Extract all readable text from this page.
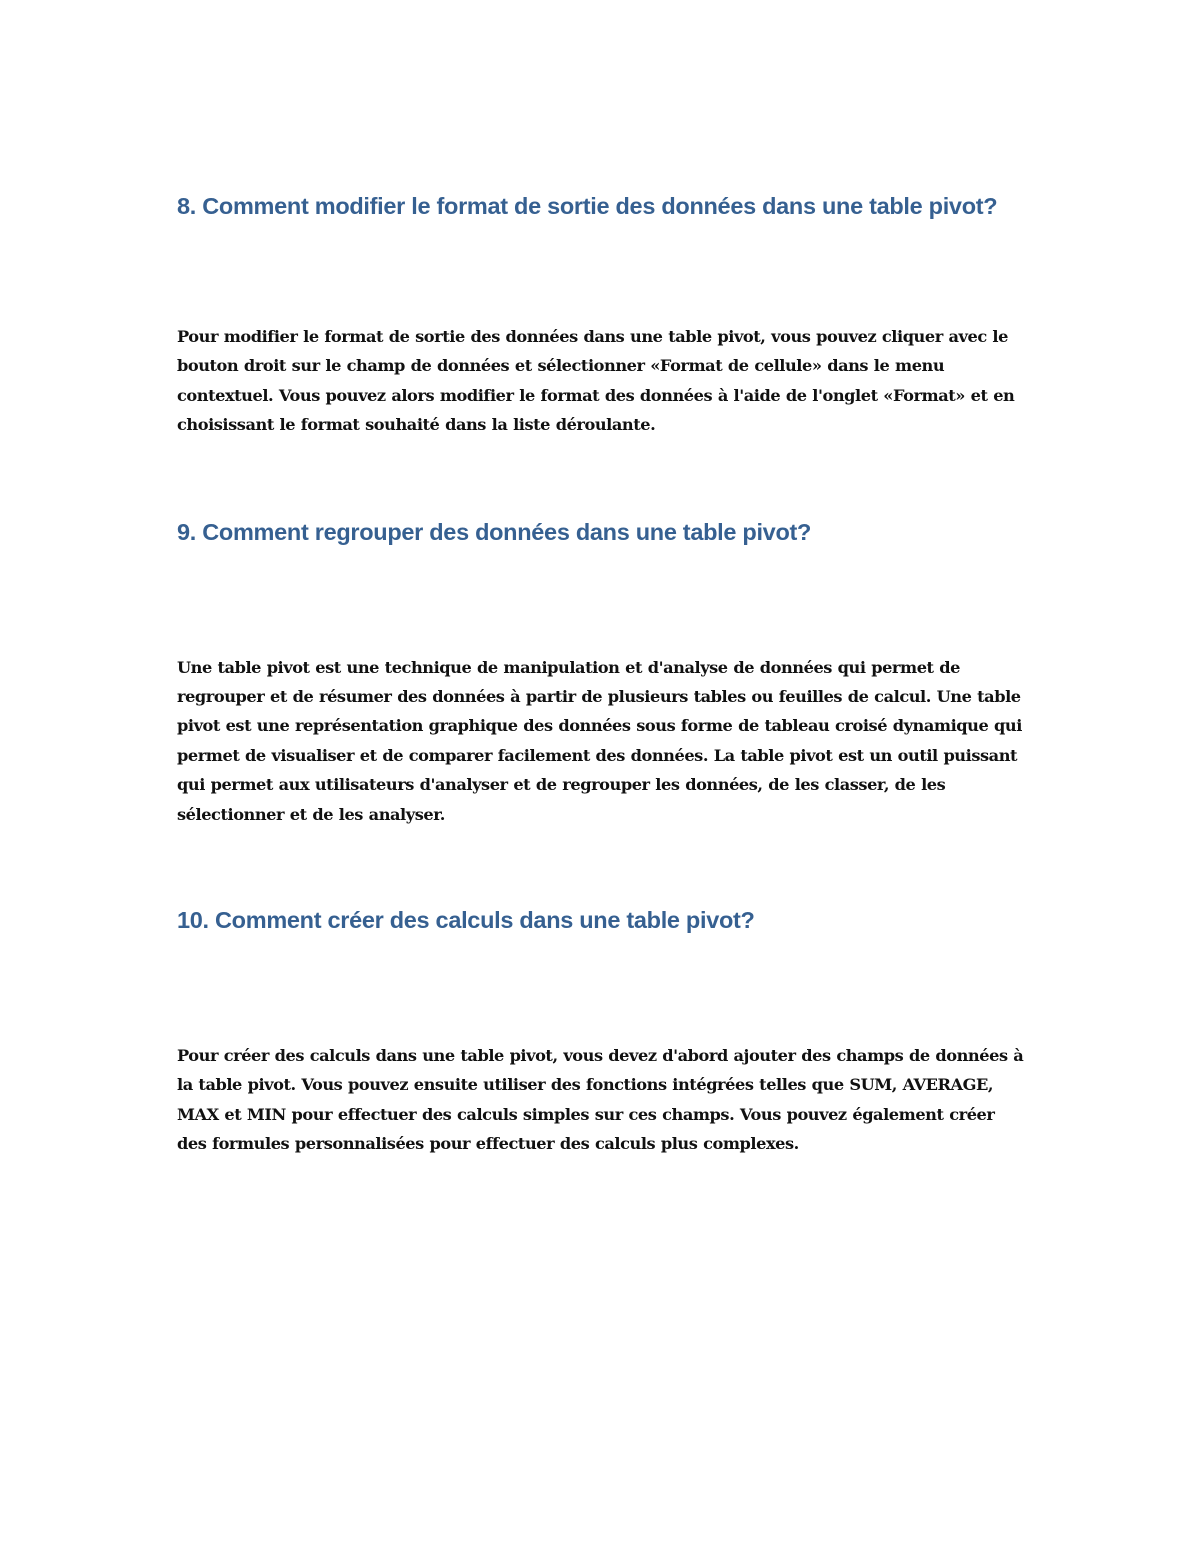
8. Comment modifier le format de sortie des données dans une table pivot?

Pour modifier le format de sortie des données dans une table pivot, vous pouvez cliquer avec le bouton droit sur le champ de données et sélectionner «Format de cellule» dans le menu contextuel. Vous pouvez alors modifier le format des données à l'aide de l'onglet «Format» et en choisissant le format souhaité dans la liste déroulante.

9. Comment regrouper des données dans une table pivot?

Une table pivot est une technique de manipulation et d'analyse de données qui permet de regrouper et de résumer des données à partir de plusieurs tables ou feuilles de calcul. Une table pivot est une représentation graphique des données sous forme de tableau croisé dynamique qui permet de visualiser et de comparer facilement des données. La table pivot est un outil puissant qui permet aux utilisateurs d'analyser et de regrouper les données, de les classer, de les sélectionner et de les analyser.

10. Comment créer des calculs dans une table pivot?

Pour créer des calculs dans une table pivot, vous devez d'abord ajouter des champs de données à la table pivot. Vous pouvez ensuite utiliser des fonctions intégrées telles que SUM, AVERAGE, MAX et MIN pour effectuer des calculs simples sur ces champs. Vous pouvez également créer des formules personnalisées pour effectuer des calculs plus complexes.
